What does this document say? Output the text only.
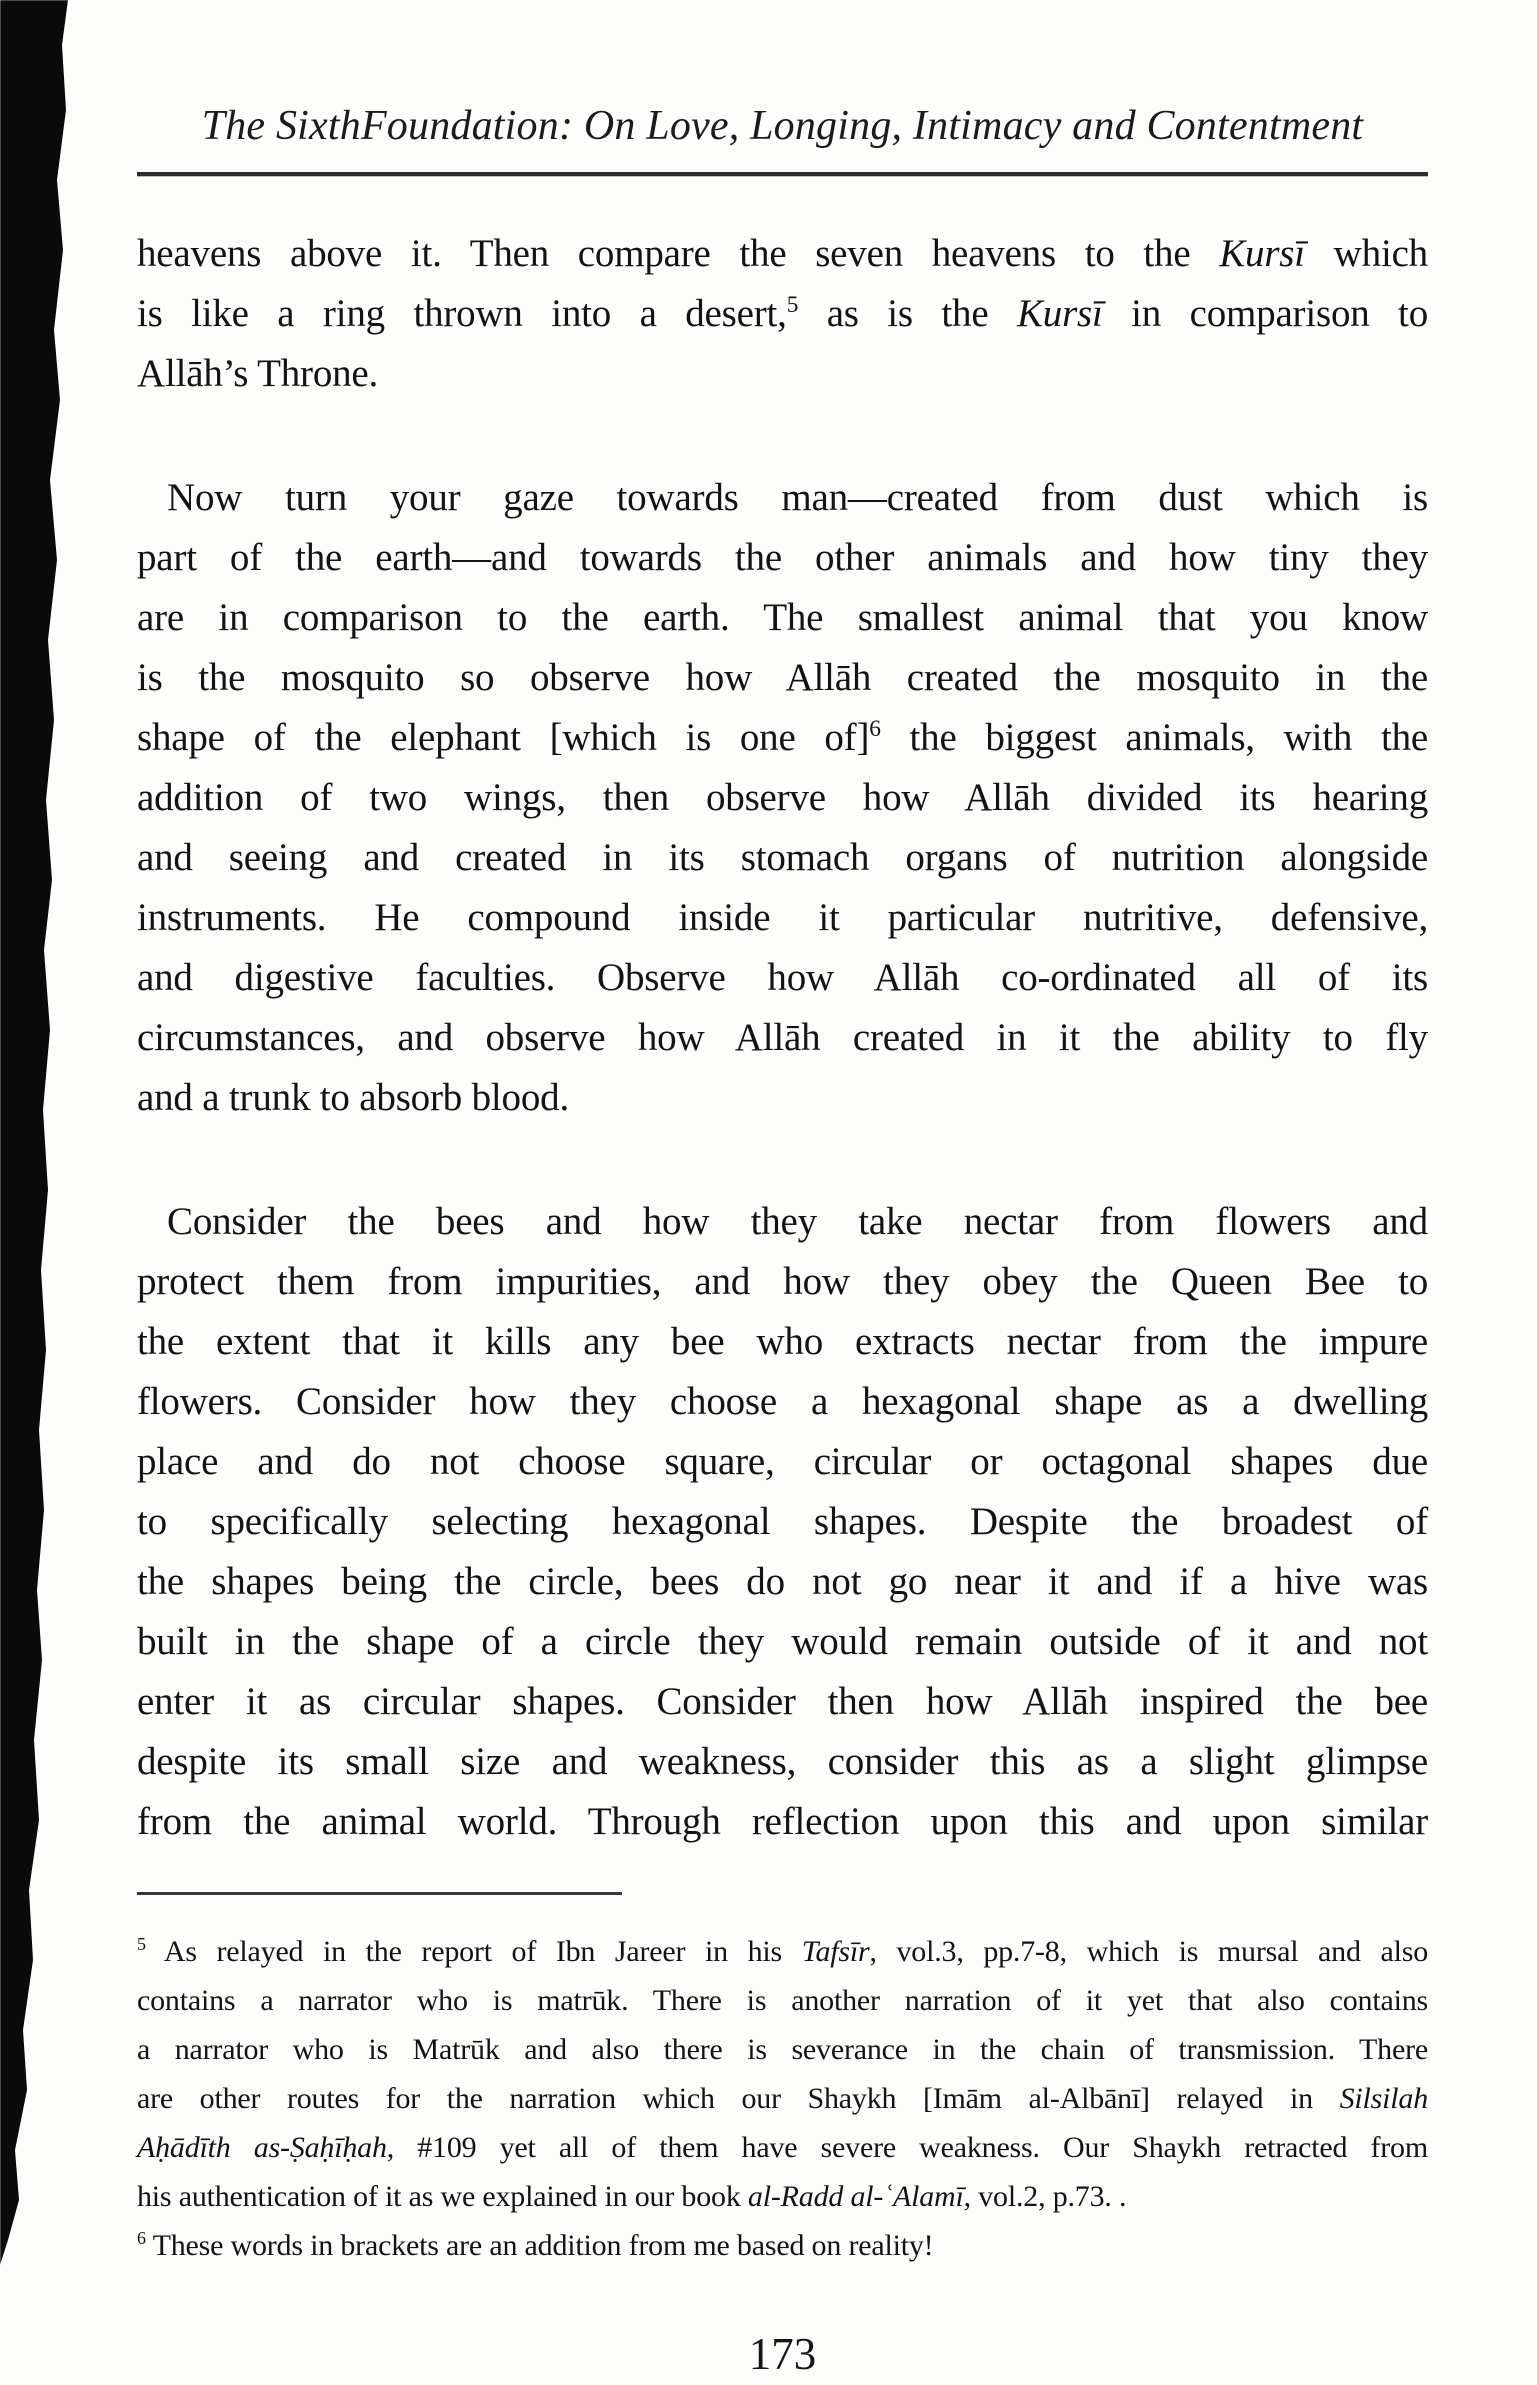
The SixthFoundation: On Love, Longing, Intimacy and Contentment
heavens above it. Then compare the seven heavens to the Kursī which
is like a ring thrown into a desert,$^5$ as is the Kursī in comparison to
Allāh’s Throne.
Now turn your gaze towards man—created from dust which is
part of the earth—and towards the other animals and how tiny they
are in comparison to the earth. The smallest animal that you know
is the mosquito so observe how Allāh created the mosquito in the
shape of the elephant [which is one of]$^6$ the biggest animals, with the
addition of two wings, then observe how Allāh divided its hearing
and seeing and created in its stomach organs of nutrition alongside
instruments. He compound inside it particular nutritive, defensive,
and digestive faculties. Observe how Allāh co-ordinated all of its
circumstances, and observe how Allāh created in it the ability to fly
and a trunk to absorb blood.
Consider the bees and how they take nectar from flowers and
protect them from impurities, and how they obey the Queen Bee to
the extent that it kills any bee who extracts nectar from the impure
flowers. Consider how they choose a hexagonal shape as a dwelling
place and do not choose square, circular or octagonal shapes due
to specifically selecting hexagonal shapes. Despite the broadest of
the shapes being the circle, bees do not go near it and if a hive was
built in the shape of a circle they would remain outside of it and not
enter it as circular shapes. Consider then how Allāh inspired the bee
despite its small size and weakness, consider this as a slight glimpse
from the animal world. Through reflection upon this and upon similar
$^5$ As relayed in the report of Ibn Jareer in his Tafsīr, vol.3, pp.7-8, which is mursal and also
contains a narrator who is matrūk. There is another narration of it yet that also contains
a narrator who is Matrūk and also there is severance in the chain of transmission. There
are other routes for the narration which our Shaykh [Imām al-Albānī] relayed in Silsilah
Aḥādīth as-Ṣaḥīḥah, #109 yet all of them have severe weakness. Our Shaykh retracted from
his authentication of it as we explained in our book al-Radd al-ʿAlamī, vol.2, p.73. .
$^6$ These words in brackets are an addition from me based on reality!
173
